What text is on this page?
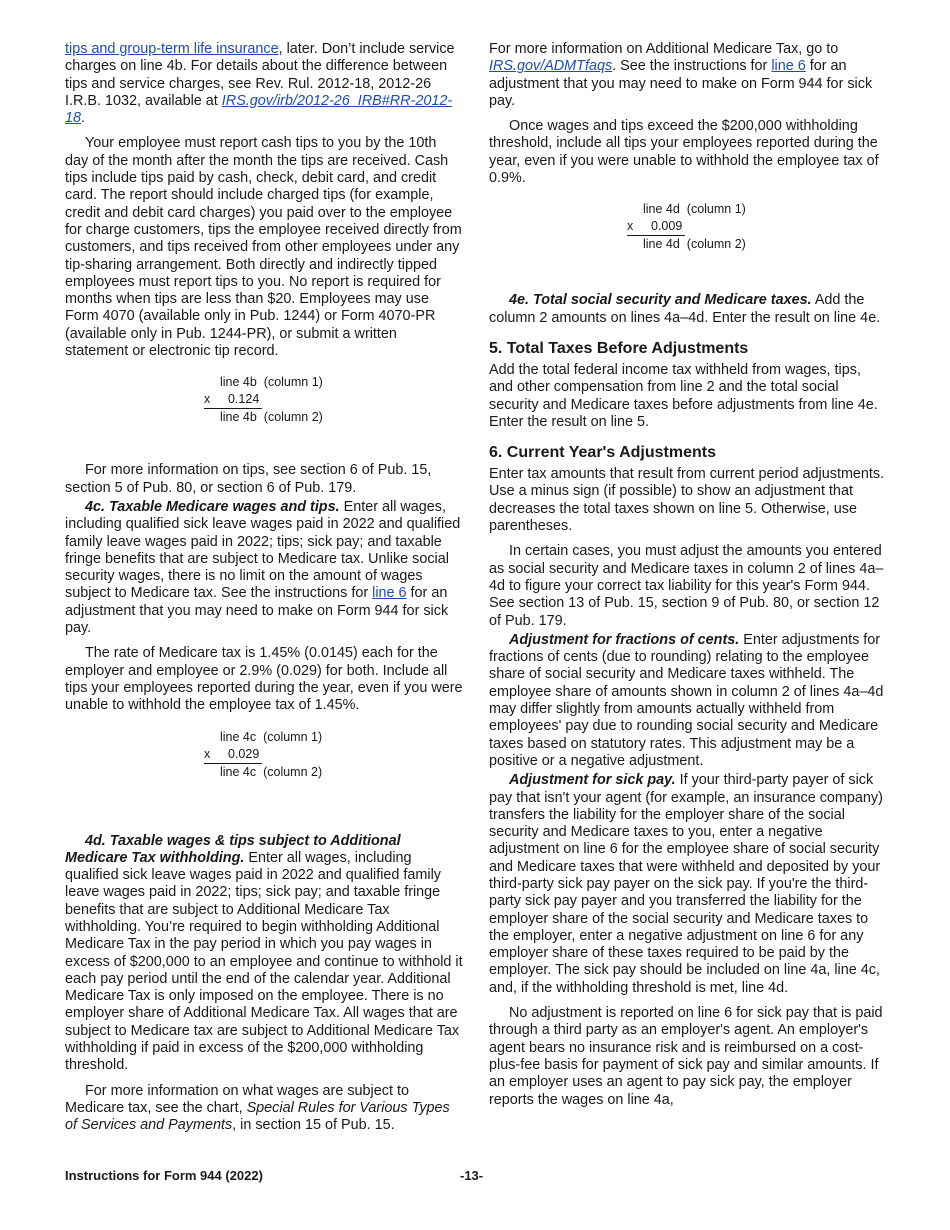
tips and group-term life insurance, later. Don’t include service charges on line 4b. For details about the difference between tips and service charges, see Rev. Rul. 2012-18, 2012-26 I.R.B. 1032, available at IRS.gov/irb/2012-26_IRB#RR-2012-18.

Your employee must report cash tips to you by the 10th day of the month after the month the tips are received. Cash tips include tips paid by cash, check, debit card, and credit card. The report should include charged tips (for example, credit and debit card charges) you paid over to the employee for charge customers, tips the employee received directly from customers, and tips received from other employees under any tip-sharing arrangement. Both directly and indirectly tipped employees must report tips to you. No report is required for months when tips are less than $20. Employees may use Form 4070 (available only in Pub. 1244) or Form 4070-PR (available only in Pub. 1244-PR), or submit a written statement or electronic tip record.

line 4b  (column 1)
x 0.124
line 4b  (column 2)

For more information on tips, see section 6 of Pub. 15, section 5 of Pub. 80, or section 6 of Pub. 179.

4c. Taxable Medicare wages and tips. Enter all wages, including qualified sick leave wages paid in 2022 and qualified family leave wages paid in 2022; tips; sick pay; and taxable fringe benefits that are subject to Medicare tax. Unlike social security wages, there is no limit on the amount of wages subject to Medicare tax. See the instructions for line 6 for an adjustment that you may need to make on Form 944 for sick pay.

The rate of Medicare tax is 1.45% (0.0145) each for the employer and employee or 2.9% (0.029) for both. Include all tips your employees reported during the year, even if you were unable to withhold the employee tax of 1.45%.

line 4c  (column 1)
x 0.029
line 4c  (column 2)

4d. Taxable wages & tips subject to Additional Medicare Tax withholding. Enter all wages, including qualified sick leave wages paid in 2022 and qualified family leave wages paid in 2022; tips; sick pay; and taxable fringe benefits that are subject to Additional Medicare Tax withholding. You’re required to begin withholding Additional Medicare Tax in the pay period in which you pay wages in excess of $200,000 to an employee and continue to withhold it each pay period until the end of the calendar year. Additional Medicare Tax is only imposed on the employee. There is no employer share of Additional Medicare Tax. All wages that are subject to Medicare tax are subject to Additional Medicare Tax withholding if paid in excess of the $200,000 withholding threshold.

For more information on what wages are subject to Medicare tax, see the chart, Special Rules for Various Types of Services and Payments, in section 15 of Pub. 15.

For more information on Additional Medicare Tax, go to IRS.gov/ADMTfaqs. See the instructions for line 6 for an adjustment that you may need to make on Form 944 for sick pay.

Once wages and tips exceed the $200,000 withholding threshold, include all tips your employees reported during the year, even if you were unable to withhold the employee tax of 0.9%.

line 4d  (column 1)
x 0.009
line 4d  (column 2)

4e. Total social security and Medicare taxes. Add the column 2 amounts on lines 4a–4d. Enter the result on line 4e.

5. Total Taxes Before Adjustments

Add the total federal income tax withheld from wages, tips, and other compensation from line 2 and the total social security and Medicare taxes before adjustments from line 4e. Enter the result on line 5.

6. Current Year's Adjustments

Enter tax amounts that result from current period adjustments. Use a minus sign (if possible) to show an adjustment that decreases the total taxes shown on line 5. Otherwise, use parentheses.

In certain cases, you must adjust the amounts you entered as social security and Medicare taxes in column 2 of lines 4a–4d to figure your correct tax liability for this year's Form 944. See section 13 of Pub. 15, section 9 of Pub. 80, or section 12 of Pub. 179.

Adjustment for fractions of cents. Enter adjustments for fractions of cents (due to rounding) relating to the employee share of social security and Medicare taxes withheld. The employee share of amounts shown in column 2 of lines 4a–4d may differ slightly from amounts actually withheld from employees' pay due to rounding social security and Medicare taxes based on statutory rates. This adjustment may be a positive or a negative adjustment.

Adjustment for sick pay. If your third-party payer of sick pay that isn't your agent (for example, an insurance company) transfers the liability for the employer share of the social security and Medicare taxes to you, enter a negative adjustment on line 6 for the employee share of social security and Medicare taxes that were withheld and deposited by your third-party sick pay payer on the sick pay. If you're the third-party sick pay payer and you transferred the liability for the employer share of the social security and Medicare taxes to the employer, enter a negative adjustment on line 6 for any employer share of these taxes required to be paid by the employer. The sick pay should be included on line 4a, line 4c, and, if the withholding threshold is met, line 4d.

No adjustment is reported on line 6 for sick pay that is paid through a third party as an employer's agent. An employer's agent bears no insurance risk and is reimbursed on a cost-plus-fee basis for payment of sick pay and similar amounts. If an employer uses an agent to pay sick pay, the employer reports the wages on line 4a,

Instructions for Form 944 (2022)	-13-
